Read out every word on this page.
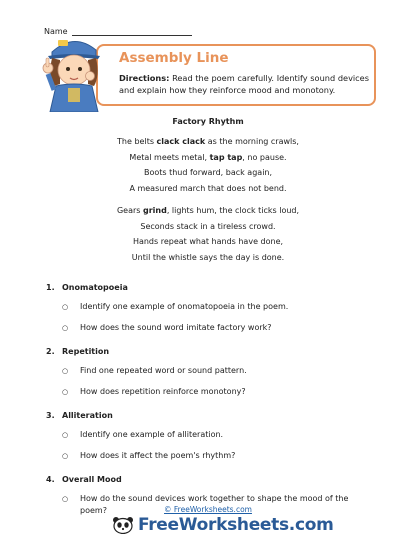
Name
Assembly Line
Directions: Read the poem carefully. Identify sound devices and explain how they reinforce mood and monotony.
Factory Rhythm
The belts clack clack as the morning crawls,
Metal meets metal, tap tap, no pause.
Boots thud forward, back again,
A measured march that does not bend.
Gears grind, lights hum, the clock ticks loud,
Seconds stack in a tireless crowd.
Hands repeat what hands have done,
Until the whistle says the day is done.
1. Onomatopoeia
○	Identify one example of onomatopoeia in the poem.
○	How does the sound word imitate factory work?
2. Repetition
○	Find one repeated word or sound pattern.
○	How does repetition reinforce monotony?
3. Alliteration
○	Identify one example of alliteration.
○	How does it affect the poem's rhythm?
4. Overall Mood
○	How do the sound devices work together to shape the mood of the poem?	© FreeWorksheets.com
FreeWorksheets.com
